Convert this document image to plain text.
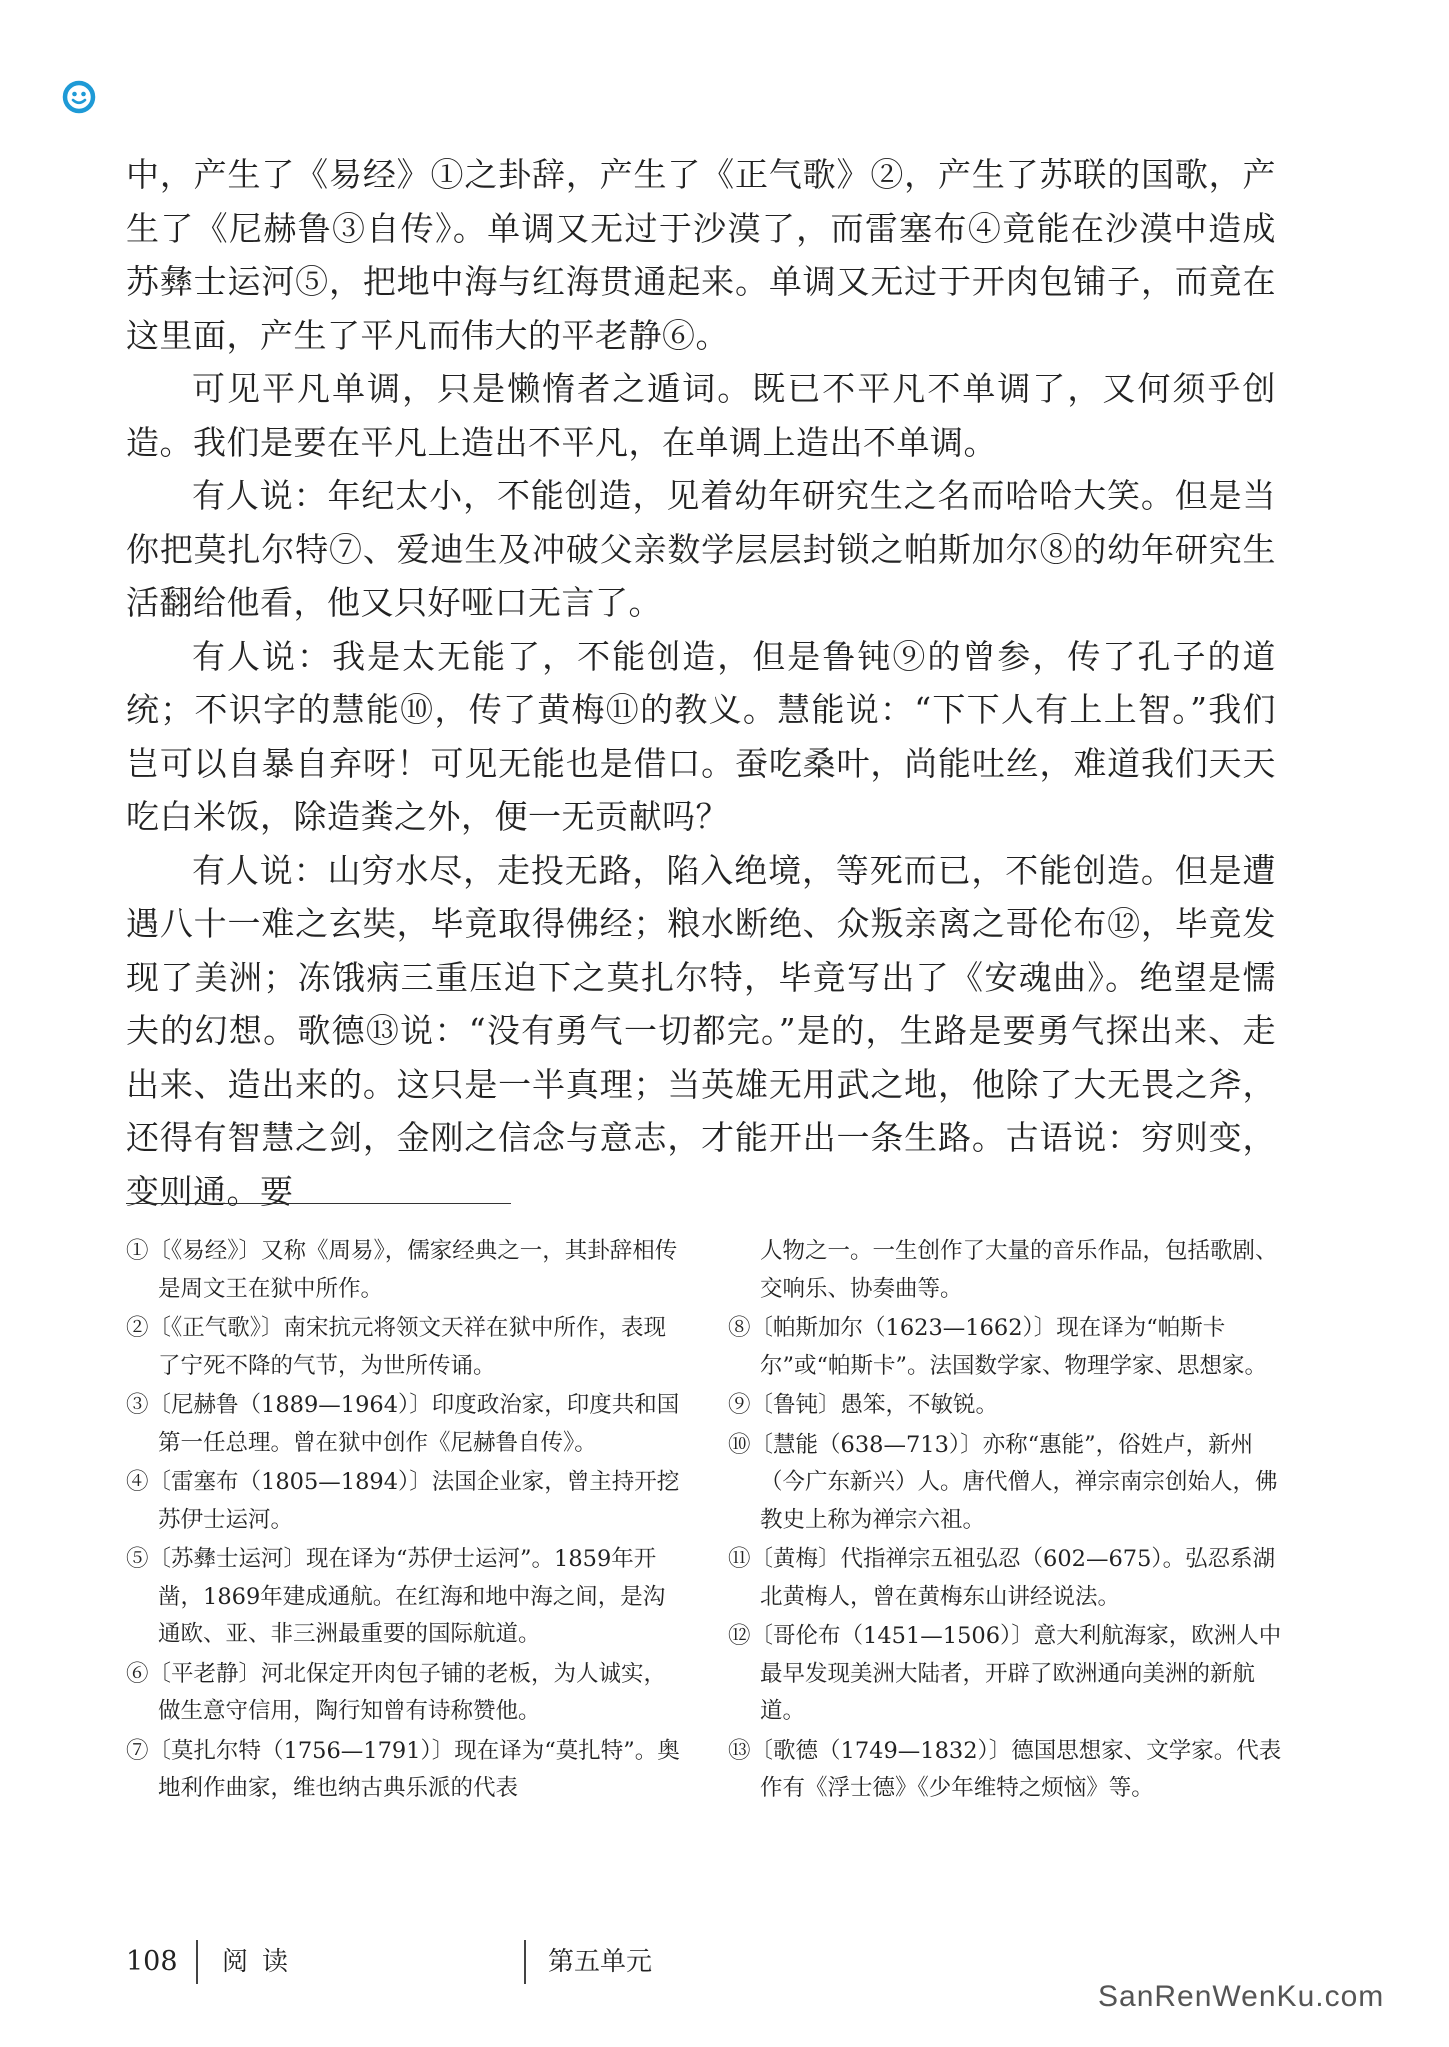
中，产生了《易经》①之卦辞，产生了《正气歌》②，产生了苏联的国歌，产生了《尼赫鲁③自传》。单调又无过于沙漠了，而雷塞布④竟能在沙漠中造成苏彝士运河⑤，把地中海与红海贯通起来。单调又无过于开肉包铺子，而竟在这里面，产生了平凡而伟大的平老静⑥。

可见平凡单调，只是懒惰者之遁词。既已不平凡不单调了，又何须乎创造。我们是要在平凡上造出不平凡，在单调上造出不单调。

有人说：年纪太小，不能创造，见着幼年研究生之名而哈哈大笑。但是当你把莫扎尔特⑦、爱迪生及冲破父亲数学层层封锁之帕斯加尔⑧的幼年研究生活翻给他看，他又只好哑口无言了。

有人说：我是太无能了，不能创造，但是鲁钝⑨的曾参，传了孔子的道统；不识字的慧能⑩，传了黄梅⑪的教义。慧能说：“下下人有上上智。”我们岂可以自暴自弃呀！可见无能也是借口。蚕吃桑叶，尚能吐丝，难道我们天天吃白米饭，除造粪之外，便一无贡献吗？

有人说：山穷水尽，走投无路，陷入绝境，等死而已，不能创造。但是遭遇八十一难之玄奘，毕竟取得佛经；粮水断绝、众叛亲离之哥伦布⑫，毕竟发现了美洲；冻饿病三重压迫下之莫扎尔特，毕竟写出了《安魂曲》。绝望是懦夫的幻想。歌德⑬说：“没有勇气一切都完。”是的，生路是要勇气探出来、走出来、造出来的。这只是一半真理；当英雄无用武之地，他除了大无畏之斧，还得有智慧之剑，金刚之信念与意志，才能开出一条生路。古语说：穷则变，变则通。要

①〔《易经》〕又称《周易》，儒家经典之一，其卦辞相传是周文王在狱中所作。
②〔《正气歌》〕南宋抗元将领文天祥在狱中所作，表现了宁死不降的气节，为世所传诵。
③〔尼赫鲁（1889—1964）〕印度政治家，印度共和国第一任总理。曾在狱中创作《尼赫鲁自传》。
④〔雷塞布（1805—1894）〕法国企业家，曾主持开挖苏伊士运河。
⑤〔苏彝士运河〕现在译为“苏伊士运河”。1859年开凿，1869年建成通航。在红海和地中海之间，是沟通欧、亚、非三洲最重要的国际航道。
⑥〔平老静〕河北保定开肉包子铺的老板，为人诚实，做生意守信用，陶行知曾有诗称赞他。
⑦〔莫扎尔特（1756—1791）〕现在译为“莫扎特”。奥地利作曲家，维也纳古典乐派的代表
人物之一。一生创作了大量的音乐作品，包括歌剧、交响乐、协奏曲等。
⑧〔帕斯加尔（1623—1662）〕现在译为“帕斯卡尔”或“帕斯卡”。法国数学家、物理学家、思想家。
⑨〔鲁钝〕愚笨，不敏锐。
⑩〔慧能（638—713）〕亦称“惠能”，俗姓卢，新州（今广东新兴）人。唐代僧人，禅宗南宗创始人，佛教史上称为禅宗六祖。
⑪〔黄梅〕代指禅宗五祖弘忍（602—675）。弘忍系湖北黄梅人，曾在黄梅东山讲经说法。
⑫〔哥伦布（1451—1506）〕意大利航海家，欧洲人中最早发现美洲大陆者，开辟了欧洲通向美洲的新航道。
⑬〔歌德（1749—1832）〕德国思想家、文学家。代表作有《浮士德》《少年维特之烦恼》等。
108 阅读	第五单元
SanRenWenKu.com
